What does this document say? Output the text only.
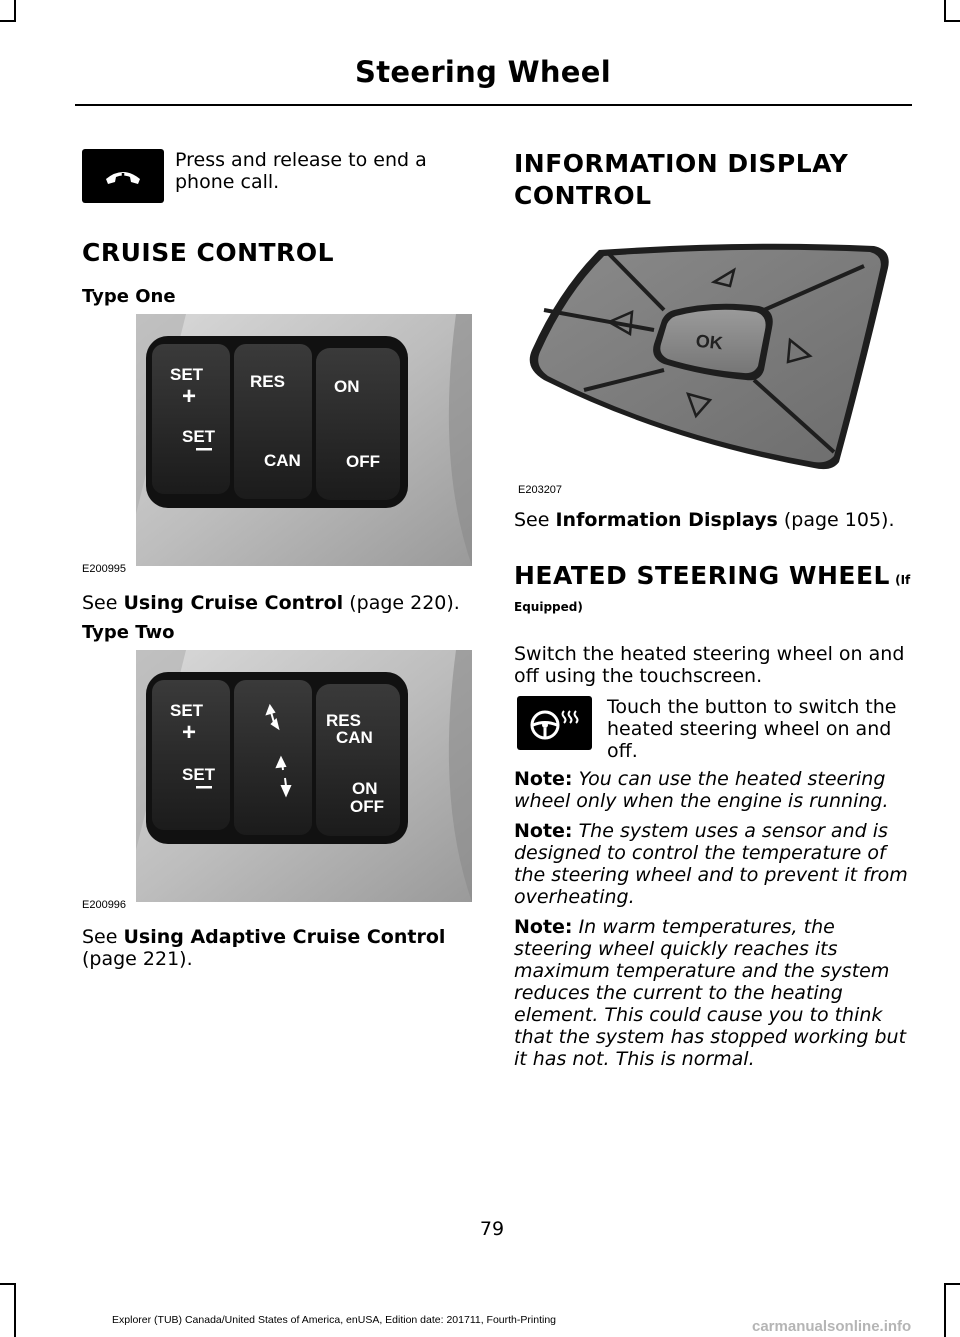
Steering Wheel
Press and release to end a phone call.
CRUISE CONTROL
Type One
SET
+
SET
RES
CAN
ON
OFF
E200995
See Using Cruise Control (page 220).
Type Two
SET
+
SET
RES
CAN
ON
OFF
E200996
See Using Adaptive Cruise Control
(page 221).
INFORMATION DISPLAY
CONTROL
OK
E203207
See Information Displays (page 105).
HEATED STEERING WHEEL (If
Equipped)
Switch the heated steering wheel on and
off using the touchscreen.
Touch the button to switch the heated steering wheel on and off.
Note: You can use the heated steering wheel only when the engine is running.
Note: The system uses a sensor and is designed to control the temperature of the steering wheel and to prevent it from overheating.
Note: In warm temperatures, the steering wheel quickly reaches its maximum temperature and the system reduces the current to the heating element. This could cause you to think that the system has stopped working but it has not. This is normal.
79
Explorer (TUB) Canada/United States of America, enUSA, Edition date: 201711, Fourth-Printing	carmanualsonline.info
